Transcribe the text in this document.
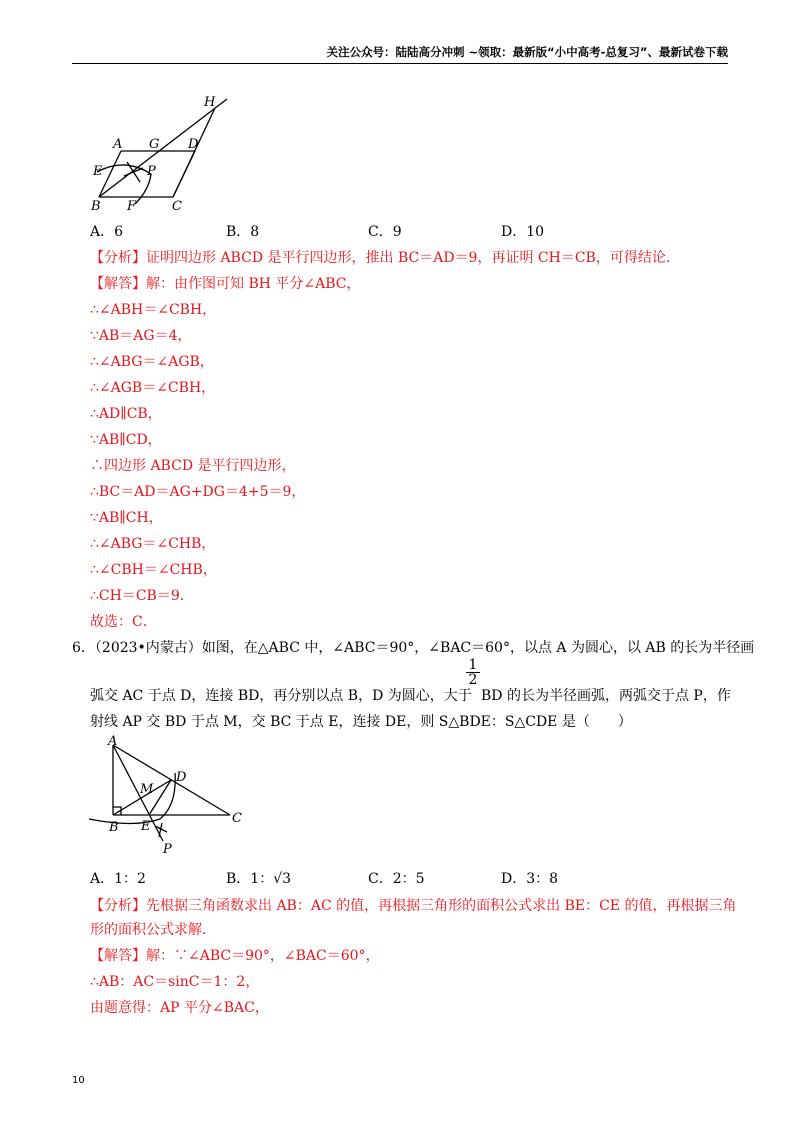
关注公众号：陆陆高分冲刺 ~领取：最新版“小中高考-总复习”、最新试卷下载
H
A G D
E	P
B F	C
A．6	B．8	C．9	D．10
【分析】证明四边形 ABCD 是平行四边形，推出 BC＝AD＝9，再证明 CH＝CB，可得结论．
【解答】解：由作图可知 BH 平分∠ABC，
∴∠ABH＝∠CBH，
∵AB＝AG＝4，
∴∠ABG＝∠AGB，
∴∠AGB＝∠CBH，
∴AD∥CB，
∵AB∥CD，
∴四边形 ABCD 是平行四边形，
∴BC＝AD＝AG+DG＝4+5＝9，
∵AB∥CH，
∴∠ABG＝∠CHB，
∴∠CBH＝∠CHB，
∴CH＝CB＝9．
故选：C．
6．（2023•内蒙古）如图，在△ABC 中，∠ABC＝90°，∠BAC＝60°，以点 A 为圆心，以 AB 的长为半径画
1
2
弧交 AC 于点 D，连接 BD，再分别以点 B，D 为圆心，大于 BD 的长为半径画弧，两弧交于点 P，作
射线 AP 交 BD 于点 M，交 BC 于点 E，连接 DE，则 S△BDE：S△CDE 是（　　）
A
M
D
B E
C
P
A．1：2	B．1：√3	C．2：5	D．3：8
【分析】先根据三角函数求出 AB：AC 的值，再根据三角形的面积公式求出 BE：CE 的值，再根据三角
形的面积公式求解．
【解答】解：∵∠ABC＝90°，∠BAC＝60°，
∴AB：AC＝sinC＝1：2，
由题意得：AP 平分∠BAC，
10
